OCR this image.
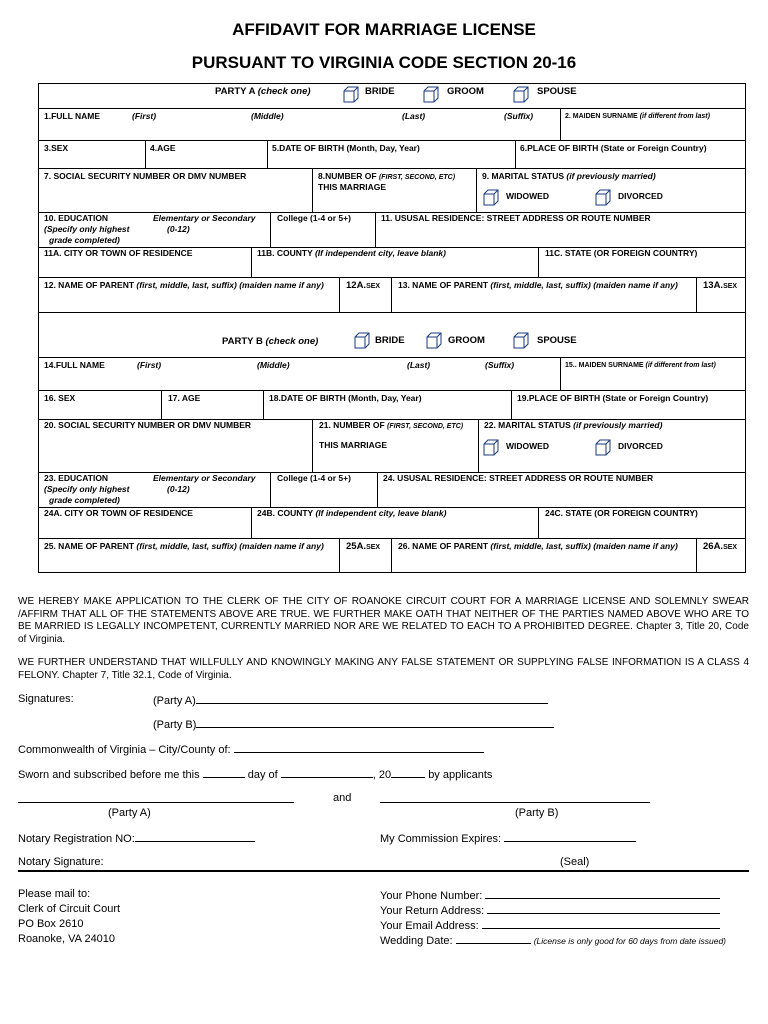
AFFIDAVIT FOR MARRIAGE LICENSE
PURSUANT TO VIRGINIA CODE SECTION 20-16
PARTY A (check one)	BRIDE	GROOM	SPOUSE
1.FULL NAME	(First)	(Middle)	(Last)	(Suffix)	2. MAIDEN SURNAME (if different from last)
3.SEX	4.AGE	5.DATE OF BIRTH (Month, Day, Year)	6.PLACE OF BIRTH (State or Foreign Country)
7. SOCIAL SECURITY NUMBER OR DMV NUMBER	8.NUMBER OF (FIRST, SECOND, ETC)
THIS MARRIAGE
9. MARITAL STATUS (if previously married)
WIDOWED	DIVORCED
10. EDUCATION
(Specify only highest
grade completed)
Elementary or Secondary
(0-12)
College (1-4 or 5+)	11. USUSAL RESIDENCE: STREET ADDRESS OR ROUTE NUMBER
11A. CITY OR TOWN OF RESIDENCE	11B. COUNTY (If independent city, leave blank)	11C. STATE (OR FOREIGN COUNTRY)
12. NAME OF PARENT (first, middle, last, suffix) (maiden name if any)	12A.SEX 13. NAME OF PARENT (first, middle, last, suffix) (maiden name if any)	13A.SEX
PARTY B (check one)	BRIDE	GROOM	SPOUSE
14.FULL NAME	(First)	(Middle)	(Last)	(Suffix)	15.. MAIDEN SURNAME (if different from last)
16. SEX	17. AGE	18.DATE OF BIRTH (Month, Day, Year)	19.PLACE OF BIRTH (State or Foreign Country)
20. SOCIAL SECURITY NUMBER OR DMV NUMBER	21. NUMBER OF (FIRST, SECOND, ETC)
THIS MARRIAGE
22. MARITAL STATUS (if previously married)
WIDOWED	DIVORCED
23. EDUCATION
(Specify only highest
grade completed)
Elementary or Secondary
(0-12)
College (1-4 or 5+)	24. USUSAL RESIDENCE: STREET ADDRESS OR ROUTE NUMBER
24A. CITY OR TOWN OF RESIDENCE	24B. COUNTY (If independent city, leave blank)	24C. STATE (OR FOREIGN COUNTRY)
25. NAME OF PARENT (first, middle, last, suffix) (maiden name if any)	25A.SEX 26. NAME OF PARENT (first, middle, last, suffix) (maiden name if any)	26A.SEX
WE HEREBY MAKE APPLICATION TO THE CLERK OF THE CITY OF ROANOKE CIRCUIT COURT FOR A MARRIAGE LICENSE AND SOLEMNLY SWEAR /AFFIRM THAT ALL OF THE STATEMENTS ABOVE ARE TRUE. WE FURTHER MAKE OATH THAT NEITHER OF THE PARTIES NAMED ABOVE WHO ARE TO BE MARRIED IS LEGALLY INCOMPETENT, CURRENTLY MARRIED NOR ARE WE RELATED TO EACH TO A PROHIBITED DEGREE. Chapter 3, Title 20, Code of Virginia.
WE FURTHER UNDERSTAND THAT WILLFULLY AND KNOWINGLY MAKING ANY FALSE STATEMENT OR SUPPLYING FALSE INFORMATION IS A CLASS 4 FELONY. Chapter 7, Title 32.1, Code of Virginia.
Signatures:	(Party A)
(Party B)
Commonwealth of Virginia – City/County of:
Sworn and subscribed before me this	day of	, 20	by applicants
and
(Party A)	(Party B)
Notary Registration NO:	My Commission Expires:
Notary Signature:	(Seal)
Please mail to:
Clerk of Circuit Court
PO Box 2610
Roanoke, VA 24010
Your Phone Number:
Your Return Address:
Your Email Address:
Wedding Date:	(License is only good for 60 days from date issued)
